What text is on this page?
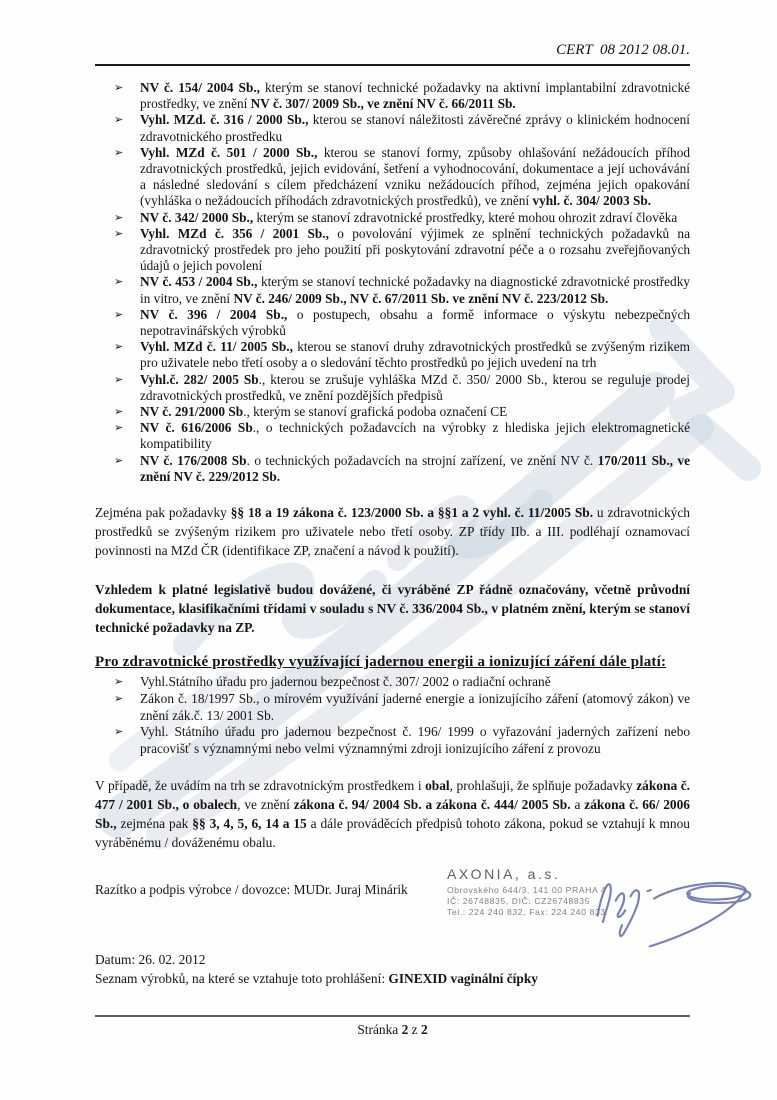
CERT  08 2012 08.01.
➢ NV č. 154/ 2004 Sb., kterým se stanoví technické požadavky na aktivní implantabilní zdravotnické prostředky, ve znění NV č. 307/ 2009 Sb., ve znění NV č. 66/2011 Sb.
➢ Vyhl. MZd. č. 316 / 2000 Sb., kterou se stanoví náležitosti závěrečné zprávy o klinickém hodnocení zdravotnického prostředku
➢ Vyhl. MZd č. 501 / 2000 Sb., kterou se stanoví formy, způsoby ohlašování nežádoucích příhod zdravotnických prostředků, jejich evidování, šetření a vyhodnocování, dokumentace a její uchovávání a následné sledování s cílem předcházení vzniku nežádoucích příhod, zejména jejich opakování (vyhláška o nežádoucích příhodách zdravotnických prostředků), ve znění vyhl. č. 304/ 2003 Sb.
➢ NV č. 342/ 2000 Sb., kterým se stanoví zdravotnické prostředky, které mohou ohrozit zdraví člověka
➢ Vyhl. MZd č. 356 / 2001 Sb., o povolování výjimek ze splnění technických požadavků na zdravotnický prostředek pro jeho použití při poskytování zdravotní péče a o rozsahu zveřejňovaných údajů o jejich povolení
➢ NV č. 453 / 2004 Sb., kterým se stanoví technické požadavky na diagnostické zdravotnické prostředky in vitro, ve znění NV č. 246/ 2009 Sb., NV č. 67/2011 Sb. ve znění NV č. 223/2012 Sb.
➢ NV č. 396 / 2004 Sb., o postupech, obsahu a formě informace o výskytu nebezpečných nepotravinářských výrobků
➢ Vyhl. MZd č. 11/ 2005 Sb., kterou se stanoví druhy zdravotnických prostředků se zvýšeným rizikem pro uživatele nebo třetí osoby a o sledování těchto prostředků po jejich uvedení na trh
➢ Vyhl.č. 282/ 2005 Sb., kterou se zrušuje vyhláška MZd č. 350/ 2000 Sb., kterou se reguluje prodej zdravotnických prostředků, ve znění pozdějších předpisů
➢ NV č. 291/2000 Sb., kterým se stanoví grafická podoba označení CE
➢ NV č. 616/2006 Sb., o technických požadavcích na výrobky z hlediska jejich elektromagnetické kompatibility
➢ NV č. 176/2008 Sb. o technických požadavcích na strojní zařízení, ve znění NV č. 170/2011 Sb., ve znění NV č. 229/2012 Sb.

Zejména pak požadavky §§ 18 a 19 zákona č. 123/2000 Sb. a §§1 a 2 vyhl. č. 11/2005 Sb. u zdravotnických prostředků se zvýšeným rizikem pro uživatele nebo třetí osoby. ZP třídy IIb. a III. podléhají oznamovací povinnosti na MZd ČR (identifikace ZP, značení a návod k použití).

Vzhledem k platné legislativě budou dovážené, či vyráběné ZP řádně označovány, včetně průvodní dokumentace, klasifikačními třídami v souladu s NV č. 336/2004 Sb., v platném znění, kterým se stanoví technické požadavky na ZP.

Pro zdravotnické prostředky využívající jadernou energii a ionizující záření dále platí:
➢ Vyhl.Státního úřadu pro jadernou bezpečnost č. 307/ 2002 o radiační ochraně
➢ Zákon č. 18/1997 Sb., o mírovém využívání jaderné energie a ionizujícího záření (atomový zákon) ve znění zák.č. 13/ 2001 Sb.
➢ Vyhl. Státního úřadu pro jadernou bezpečnost č. 196/ 1999 o vyřazování jaderných zařízení nebo pracovišť s významnými nebo velmi významnými zdroji ionizujícího záření z provozu

V případě, že uvádím na trh se zdravotnickým prostředkem i obal, prohlašuji, že splňuje požadavky zákona č. 477 / 2001 Sb., o obalech, ve znění zákona č. 94/ 2004 Sb. a zákona č. 444/ 2005 Sb. a zákona č. 66/ 2006 Sb., zejména pak §§ 3, 4, 5, 6, 14 a 15 a dále prováděcích předpisů tohoto zákona, pokud se vztahují k mnou vyráběnému / dováženému obalu.

Razítko a podpis výrobce / dovozce: MUDr. Juraj Minárik
AXONIA, a.s.
Obrovského 644/3, 141 00 PRAHA 4
IČ: 26748835, DIČ: CZ26748835
Tel.: 224 240 832, Fax: 224 240 833

Datum: 26. 02. 2012

Seznam výrobků, na které se vztahuje toto prohlášení: GINEXID vaginální čípky

Stránka 2 z 2
